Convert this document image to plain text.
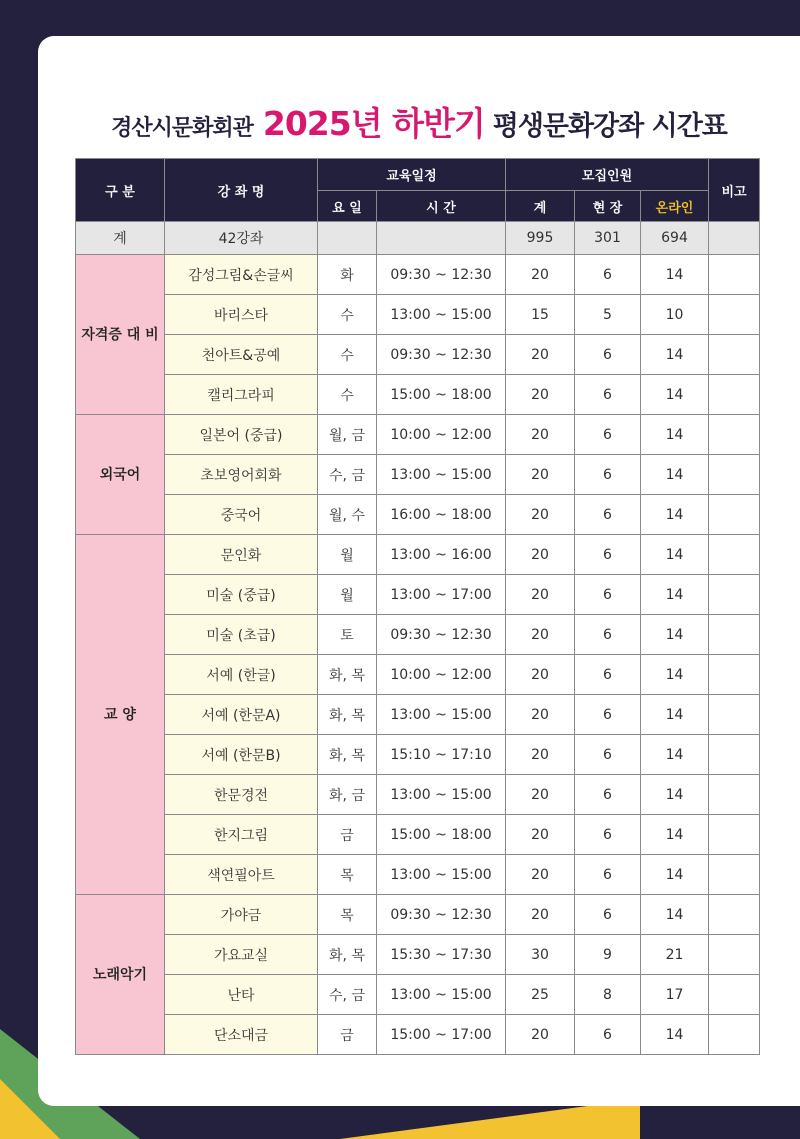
경산시문화회관 2025년 하반기 평생문화강좌 시간표
구 분	강 좌 명	교육일정		모집인원			비고
		요 일	시 간	계	현 장	온라인	
계	42강좌			995	301	694	
자격증 대 비	감성그림&손글씨	화	09:30 ~ 12:30	20	6	14	
	바리스타	수	13:00 ~ 15:00	15	5	10	
	천아트&공예	수	09:30 ~ 12:30	20	6	14	
	캘리그라피	수	15:00 ~ 18:00	20	6	14	
외국어	일본어 (중급)	월, 금	10:00 ~ 12:00	20	6	14	
	초보영어회화	수, 금	13:00 ~ 15:00	20	6	14	
	중국어	월, 수	16:00 ~ 18:00	20	6	14	
교 양	문인화	월	13:00 ~ 16:00	20	6	14	
	미술 (중급)	월	13:00 ~ 17:00	20	6	14	
	미술 (초급)	토	09:30 ~ 12:30	20	6	14	
	서예 (한글)	화, 목	10:00 ~ 12:00	20	6	14	
	서예 (한문A)	화, 목	13:00 ~ 15:00	20	6	14	
	서예 (한문B)	화, 목	15:10 ~ 17:10	20	6	14	
	한문경전	화, 금	13:00 ~ 15:00	20	6	14	
	한지그림	금	15:00 ~ 18:00	20	6	14	
	색연필아트	목	13:00 ~ 15:00	20	6	14	
노래악기	가야금	목	09:30 ~ 12:30	20	6	14	
	가요교실	화, 목	15:30 ~ 17:30	30	9	21	
	난타	수, 금	13:00 ~ 15:00	25	8	17	
	단소대금	금	15:00 ~ 17:00	20	6	14	
